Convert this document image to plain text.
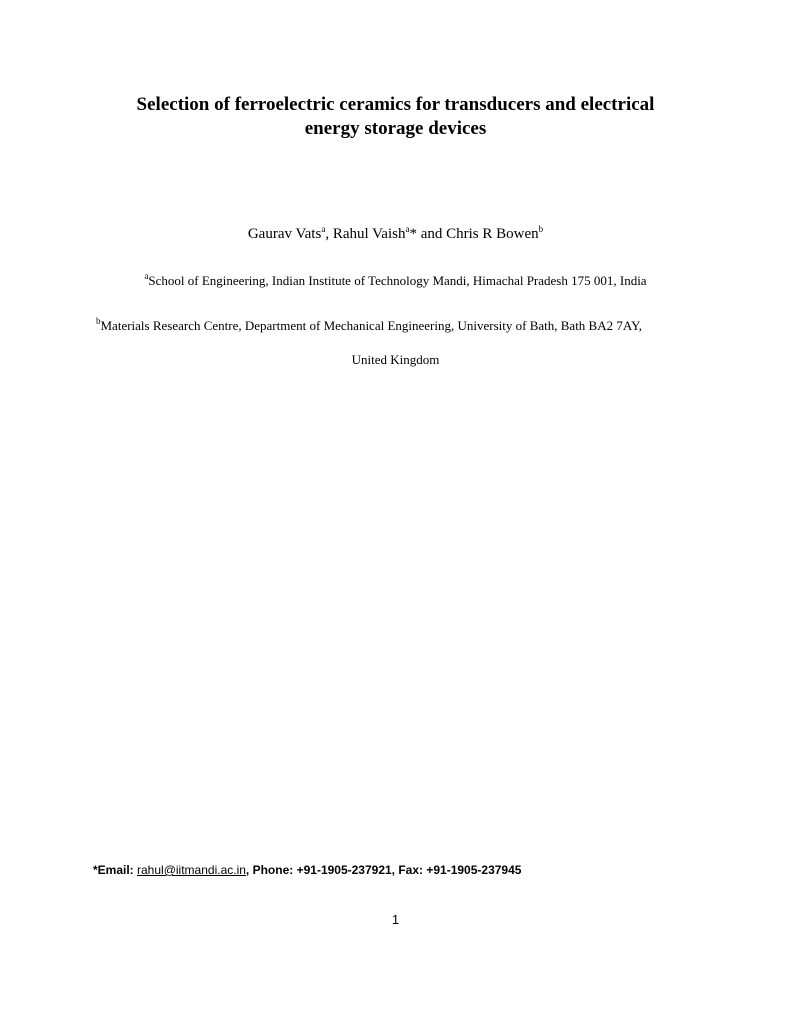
Selection of ferroelectric ceramics for transducers and electrical
energy storage devices
Gaurav Vats$^a$, Rahul Vaish$^a$* and Chris R Bowen$^b$
$^a$School of Engineering, Indian Institute of Technology Mandi, Himachal Pradesh 175 001, India
$^b$Materials Research Centre, Department of Mechanical Engineering, University of Bath, Bath BA2 7AY,
United Kingdom
*Email: rahul@iitmandi.ac.in, Phone: +91-1905-237921, Fax: +91-1905-237945
1
